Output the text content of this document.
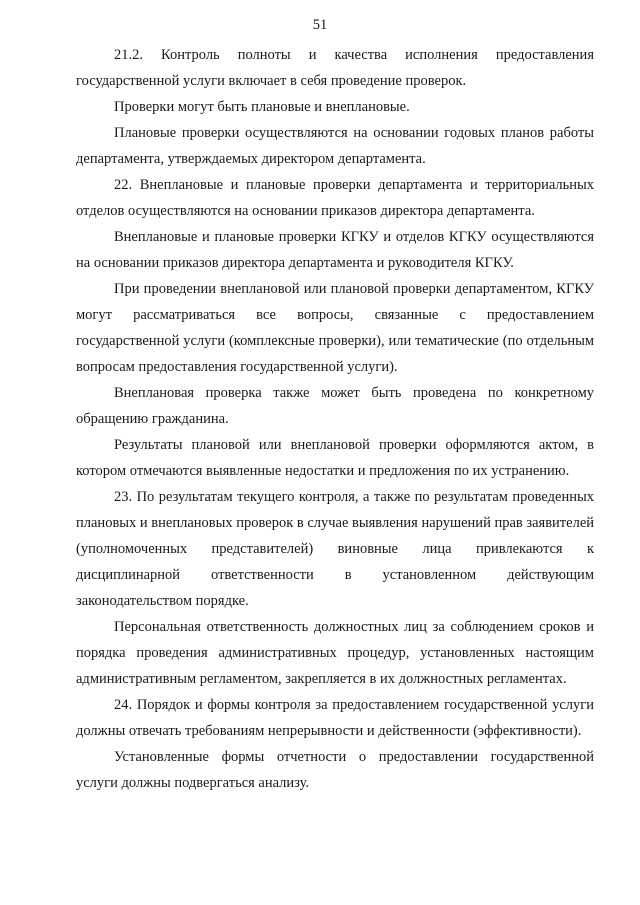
51

21.2. Контроль полноты и качества исполнения предоставления государственной услуги включает в себя проведение проверок.

Проверки могут быть плановые и внеплановые.

Плановые проверки осуществляются на основании годовых планов работы департамента, утверждаемых директором департамента.

22. Внеплановые и плановые проверки департамента и территориальных отделов осуществляются на основании приказов директора департамента.

Внеплановые и плановые проверки КГКУ и отделов КГКУ осуществляются на основании приказов директора департамента и руководителя КГКУ.

При проведении внеплановой или плановой проверки департаментом, КГКУ могут рассматриваться все вопросы, связанные с предоставлением государственной услуги (комплексные проверки), или тематические (по отдельным вопросам предоставления государственной услуги).

Внеплановая проверка также может быть проведена по конкретному обращению гражданина.

Результаты плановой или внеплановой проверки оформляются актом, в котором отмечаются выявленные недостатки и предложения по их устранению.

23. По результатам текущего контроля, а также по результатам проведенных плановых и внеплановых проверок в случае выявления нарушений прав заявителей (уполномоченных представителей) виновные лица привлекаются к дисциплинарной ответственности в установленном действующим законодательством порядке.

Персональная ответственность должностных лиц за соблюдением сроков и порядка проведения административных процедур, установленных настоящим административным регламентом, закрепляется в их должностных регламентах.

24. Порядок и формы контроля за предоставлением государственной услуги должны отвечать требованиям непрерывности и действенности (эффективности).

Установленные формы отчетности о предоставлении государственной услуги должны подвергаться анализу.
